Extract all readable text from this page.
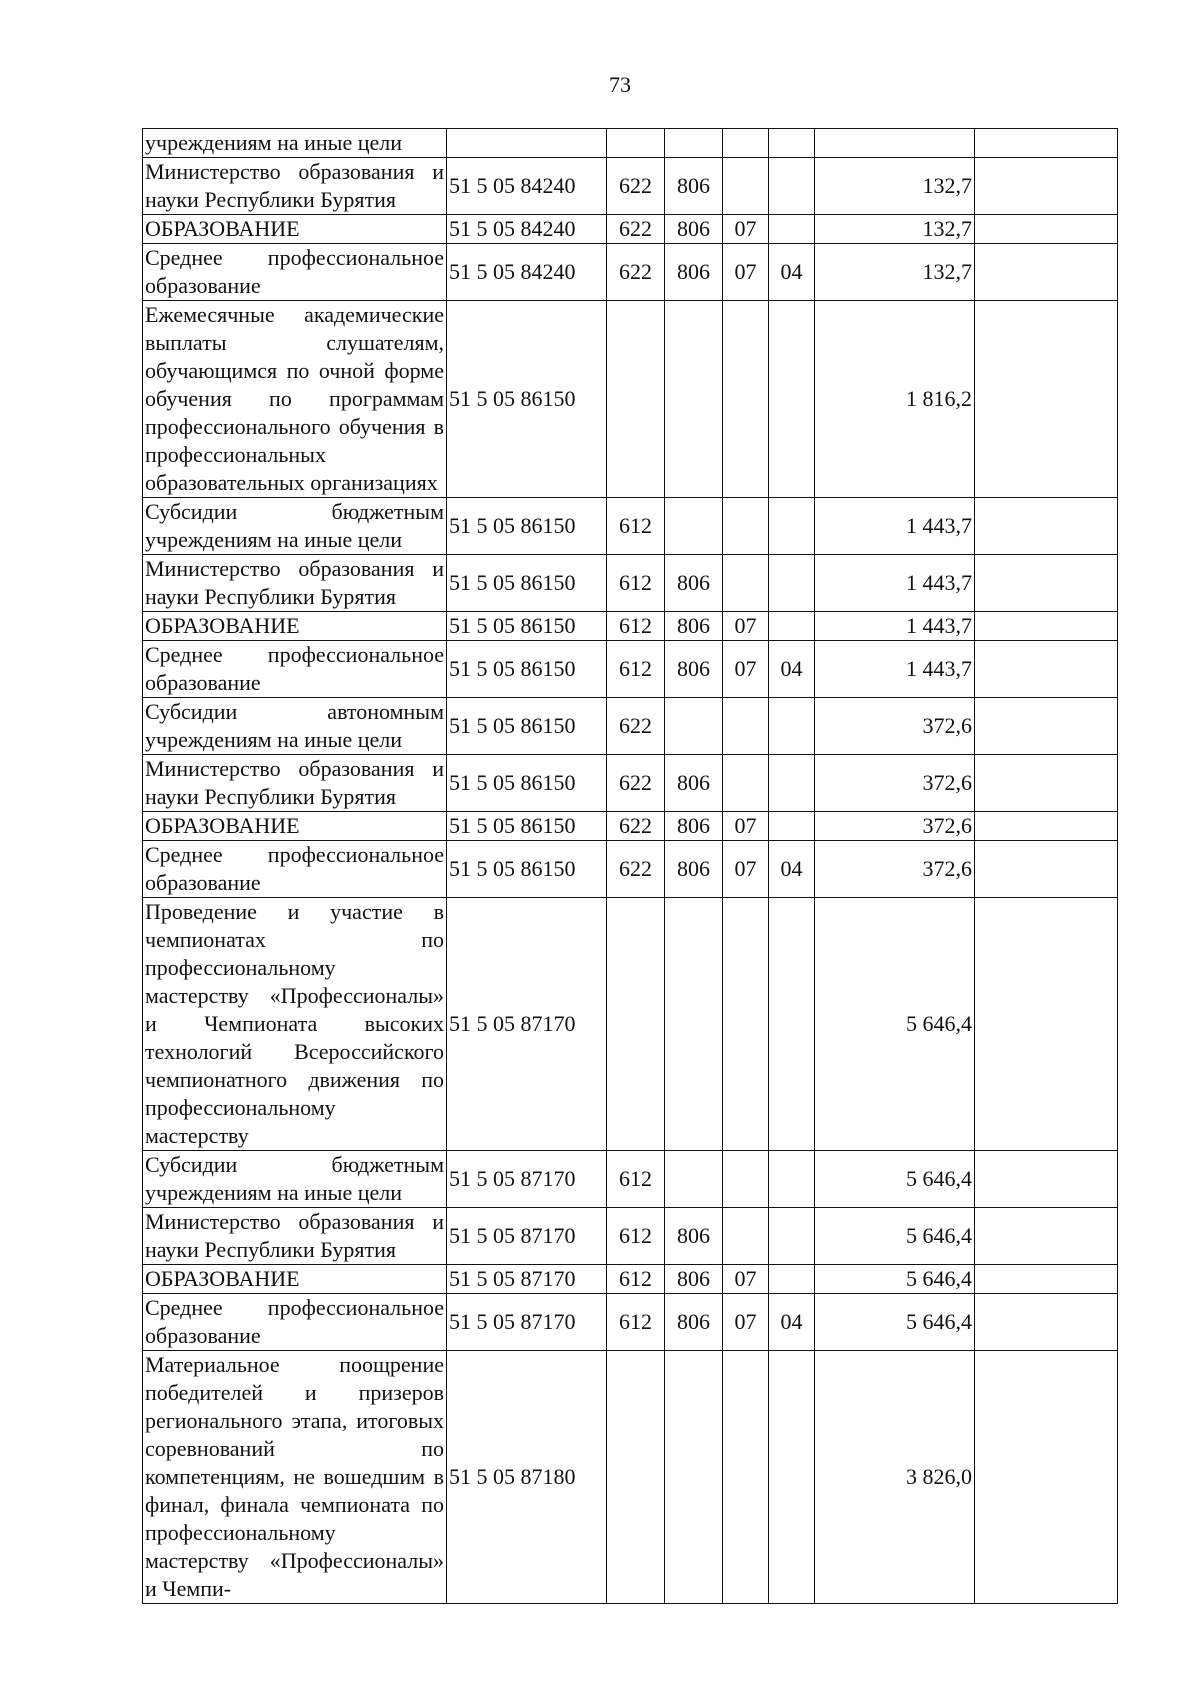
73
учреждениям на иные цели							
Министерство образования и науки Республики Бурятия	51 5 05 84240	622	806			132,7	
ОБРАЗОВАНИЕ	51 5 05 84240	622	806	07		132,7	
Среднее профессиональное образование	51 5 05 84240	622	806	07	04	132,7	
Ежемесячные академические выплаты слушателям, обучающимся по очной форме обучения по программам профессионального обучения в профессиональных образовательных организациях	51 5 05 86150					1 816,2	
Субсидии бюджетным учреждениям на иные цели	51 5 05 86150	612				1 443,7	
Министерство образования и науки Республики Бурятия	51 5 05 86150	612	806			1 443,7	
ОБРАЗОВАНИЕ	51 5 05 86150	612	806	07		1 443,7	
Среднее профессиональное образование	51 5 05 86150	612	806	07	04	1 443,7	
Субсидии автономным учреждениям на иные цели	51 5 05 86150	622				372,6	
Министерство образования и науки Республики Бурятия	51 5 05 86150	622	806			372,6	
ОБРАЗОВАНИЕ	51 5 05 86150	622	806	07		372,6	
Среднее профессиональное образование	51 5 05 86150	622	806	07	04	372,6	
Проведение и участие в чемпионатах по профессиональному мастерству «Профессионалы» и Чемпионата высоких технологий Всероссийского чемпионатного движения по профессиональному мастерству	51 5 05 87170					5 646,4	
Субсидии бюджетным учреждениям на иные цели	51 5 05 87170	612				5 646,4	
Министерство образования и науки Республики Бурятия	51 5 05 87170	612	806			5 646,4	
ОБРАЗОВАНИЕ	51 5 05 87170	612	806	07		5 646,4	
Среднее профессиональное образование	51 5 05 87170	612	806	07	04	5 646,4	
Материальное поощрение победителей и призеров регионального этапа, итоговых соревнований по компетенциям, не вошедшим в финал, финала чемпионата по профессиональному мастерству «Профессионалы» и Чемпи-	51 5 05 87180					3 826,0	
